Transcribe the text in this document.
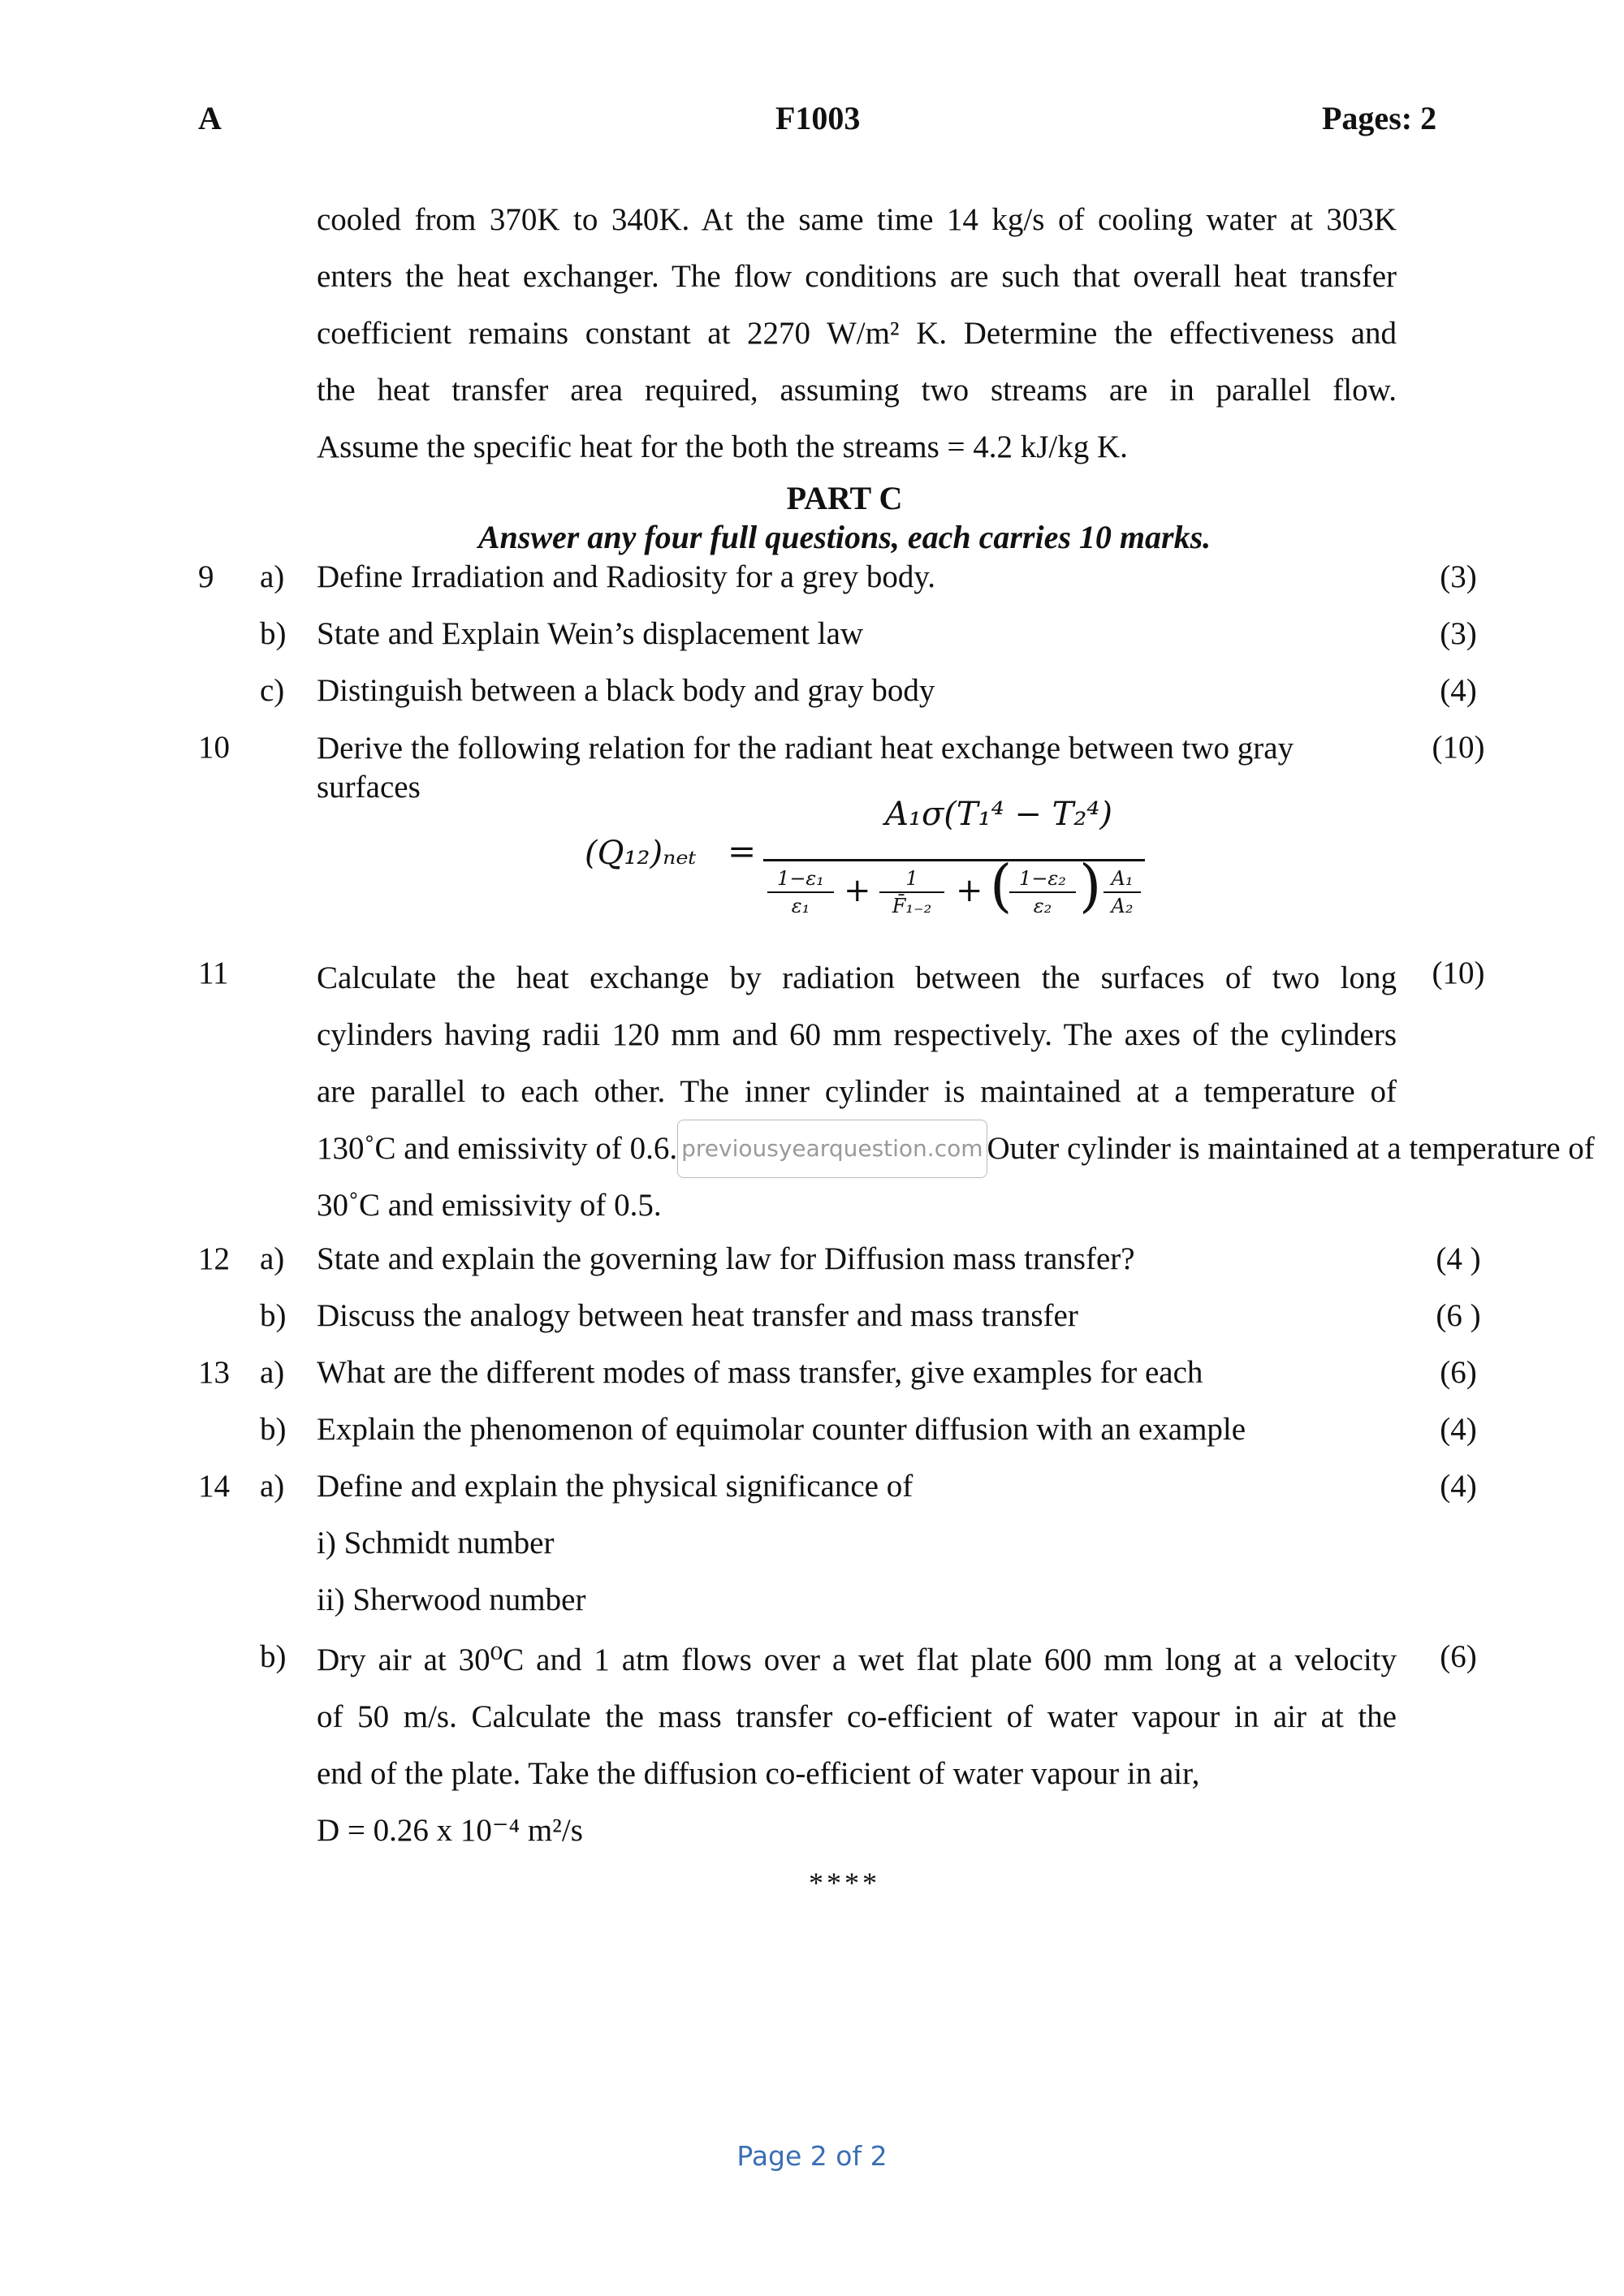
A	F1003	Pages: 2
cooled from 370K to 340K. At the same time 14 kg/s of cooling water at 303K
enters the heat exchanger. The flow conditions are such that overall heat transfer
coefficient remains constant at 2270 W/m² K. Determine the effectiveness and
the heat transfer area required, assuming two streams are in parallel flow.
Assume the specific heat for the both the streams = 4.2 kJ/kg K.
PART C
Answer any four full questions, each carries 10 marks.
9 a) Define Irradiation and Radiosity for a grey body.	(3)
b) State and Explain Wein’s displacement law	(3)
c) Distinguish between a black body and gray body	(4)
10	Derive the following relation for the radiant heat exchange between two gray
surfaces
(10)
(Q₁₂)ₙₑₜ =
A₁σ(T₁⁴ − T₂⁴)
$\frac{\text{1−ε₁}}{\text{ε₁}} + \frac{1}{\text{F̄₁₋₂}}$ + (
$\frac{\text{1−ε₂}}{\text{ε₂}}$ ) $\frac{\text{A₁}}{\text{A₂}}$
11	(10)
Calculate the heat exchange by radiation between the surfaces of two long
cylinders having radii 120 mm and 60 mm respectively. The axes of the cylinders
are parallel to each other. The inner cylinder is maintained at a temperature of
130˚C and emissivity of 0.6. previousyearquestion.com Outer cylinder is maintained at a temperature of
30˚C and emissivity of 0.5.
12 a) State and explain the governing law for Diffusion mass transfer?	(4 )
b) Discuss the analogy between heat transfer and mass transfer	(6 )
13 a) What are the different modes of mass transfer, give examples for each	(6)
b) Explain the phenomenon of equimolar counter diffusion with an example	(4)
14 a) Define and explain the physical significance of	(4)
i) Schmidt number
ii) Sherwood number
b)	(6)
Dry air at 30⁰C and 1 atm flows over a wet flat plate 600 mm long at a velocity
of 50 m/s. Calculate the mass transfer co-efficient of water vapour in air at the
end of the plate. Take the diffusion co-efficient of water vapour in air,
D = 0.26 x 10⁻⁴ m²/s
****
Page 2 of 2
